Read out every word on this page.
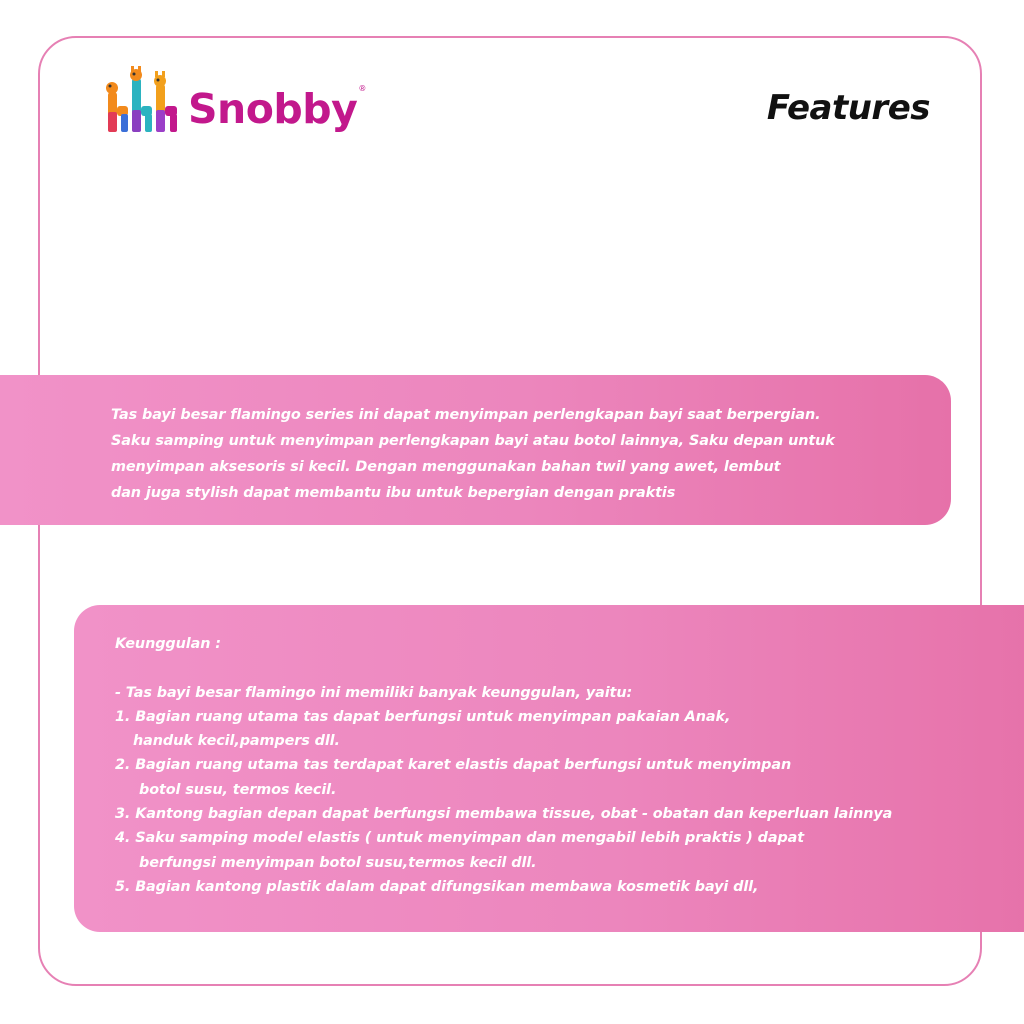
Snobby ®	Features
Tas bayi besar flamingo series ini dapat menyimpan perlengkapan bayi saat berpergian.
Saku samping untuk menyimpan perlengkapan bayi atau botol lainnya, Saku depan untuk
menyimpan aksesoris si kecil. Dengan menggunakan bahan twil yang awet, lembut
dan juga stylish dapat membantu ibu untuk bepergian dengan praktis
Keunggulan :
- Tas bayi besar flamingo ini memiliki banyak keunggulan, yaitu:
1. Bagian ruang utama tas dapat berfungsi untuk menyimpan pakaian Anak,
handuk kecil,pampers dll.
2. Bagian ruang utama tas terdapat karet elastis dapat berfungsi untuk menyimpan
botol susu, termos kecil.
3. Kantong bagian depan dapat berfungsi membawa tissue, obat - obatan dan keperluan lainnya
4. Saku samping model elastis ( untuk menyimpan dan mengabil lebih praktis ) dapat
berfungsi menyimpan botol susu,termos kecil dll.
5. Bagian kantong plastik dalam dapat difungsikan membawa kosmetik bayi dll,
